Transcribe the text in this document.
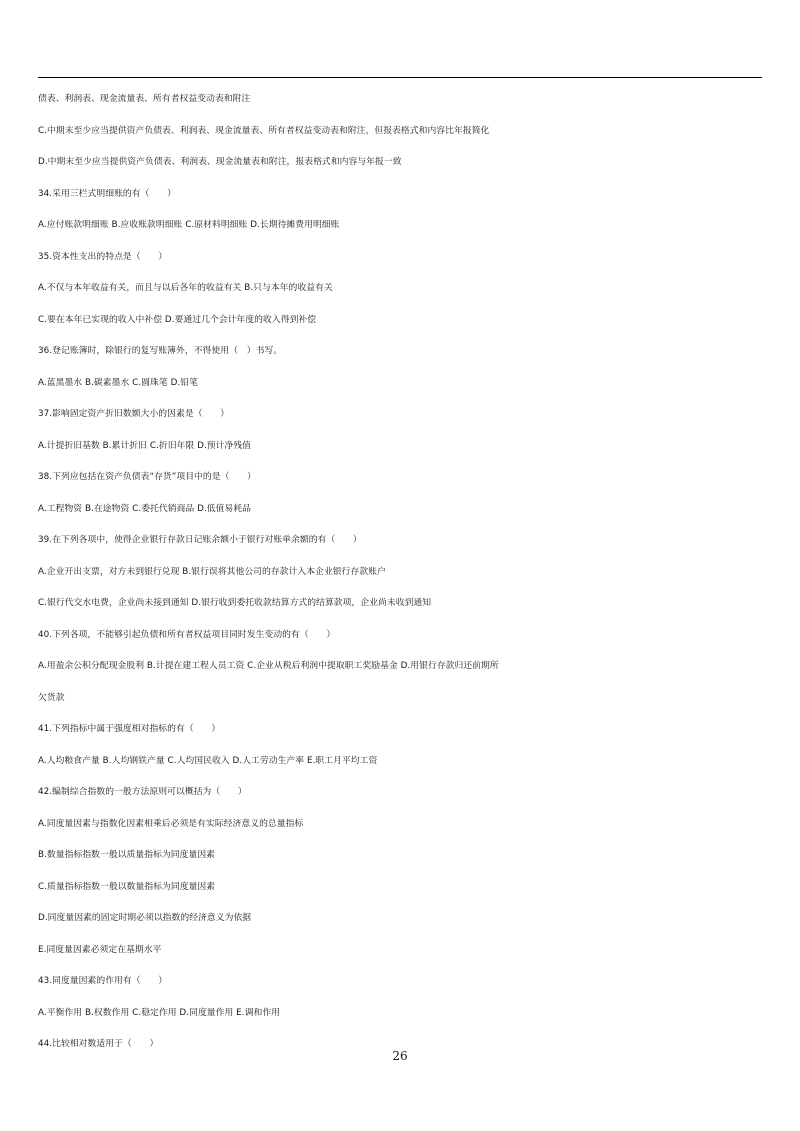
债表、利润表、现金流量表、所有者权益变动表和附注
C.中期末至少应当提供资产负债表、利润表、现金流量表、所有者权益变动表和附注，但报表格式和内容比年报简化
D.中期末至少应当提供资产负债表、利润表、现金流量表和附注，报表格式和内容与年报一致
34.采用三栏式明细账的有（　　）
A.应付账款明细账 B.应收账款明细账 C.原材料明细账 D.长期待摊费用明细账
35.资本性支出的特点是（　　）
A.不仅与本年收益有关，而且与以后各年的收益有关 B.只与本年的收益有关
C.要在本年已实现的收入中补偿 D.要通过几个会计年度的收入得到补偿
36.登记账簿时，除银行的复写账簿外，不得使用（　）书写。
A.蓝黑墨水 B.碳素墨水 C.圆珠笔 D.铅笔
37.影响固定资产折旧数额大小的因素是（　　）
A.计提折旧基数 B.累计折旧 C.折旧年限 D.预计净残值
38.下列应包括在资产负债表“存货”项目中的是（　　）
A.工程物资 B.在途物资 C.委托代销商品 D.低值易耗品
39.在下列各项中，使得企业银行存款日记账余额小于银行对账单余额的有（　　）
A.企业开出支票，对方未到银行兑现 B.银行误将其他公司的存款计入本企业银行存款账户
C.银行代交水电费，企业尚未接到通知 D.银行收到委托收款结算方式的结算款项，企业尚未收到通知
40.下列各项，不能够引起负债和所有者权益项目同时发生变动的有（　　）
A.用盈余公积分配现金股利 B.计提在建工程人员工资 C.企业从税后利润中提取职工奖励基金 D.用银行存款归还前期所
欠货款
41.下列指标中属于强度相对指标的有（　　）
A.人均粮食产量 B.人均钢铁产量 C.人均国民收入 D.人工劳动生产率 E.职工月平均工资
42.编制综合指数的一般方法原则可以概括为（　　）
A.同度量因素与指数化因素相乘后必须是有实际经济意义的总量指标
B.数量指标指数一般以质量指标为同度量因素
C.质量指标指数一般以数量指标为同度量因素
D.同度量因素的固定时期必须以指数的经济意义为依据
E.同度量因素必须定在基期水平
43.同度量因素的作用有（　　）
A.平衡作用 B.权数作用 C.稳定作用 D.同度量作用 E.调和作用
44.比较相对数适用于（　　）
26
